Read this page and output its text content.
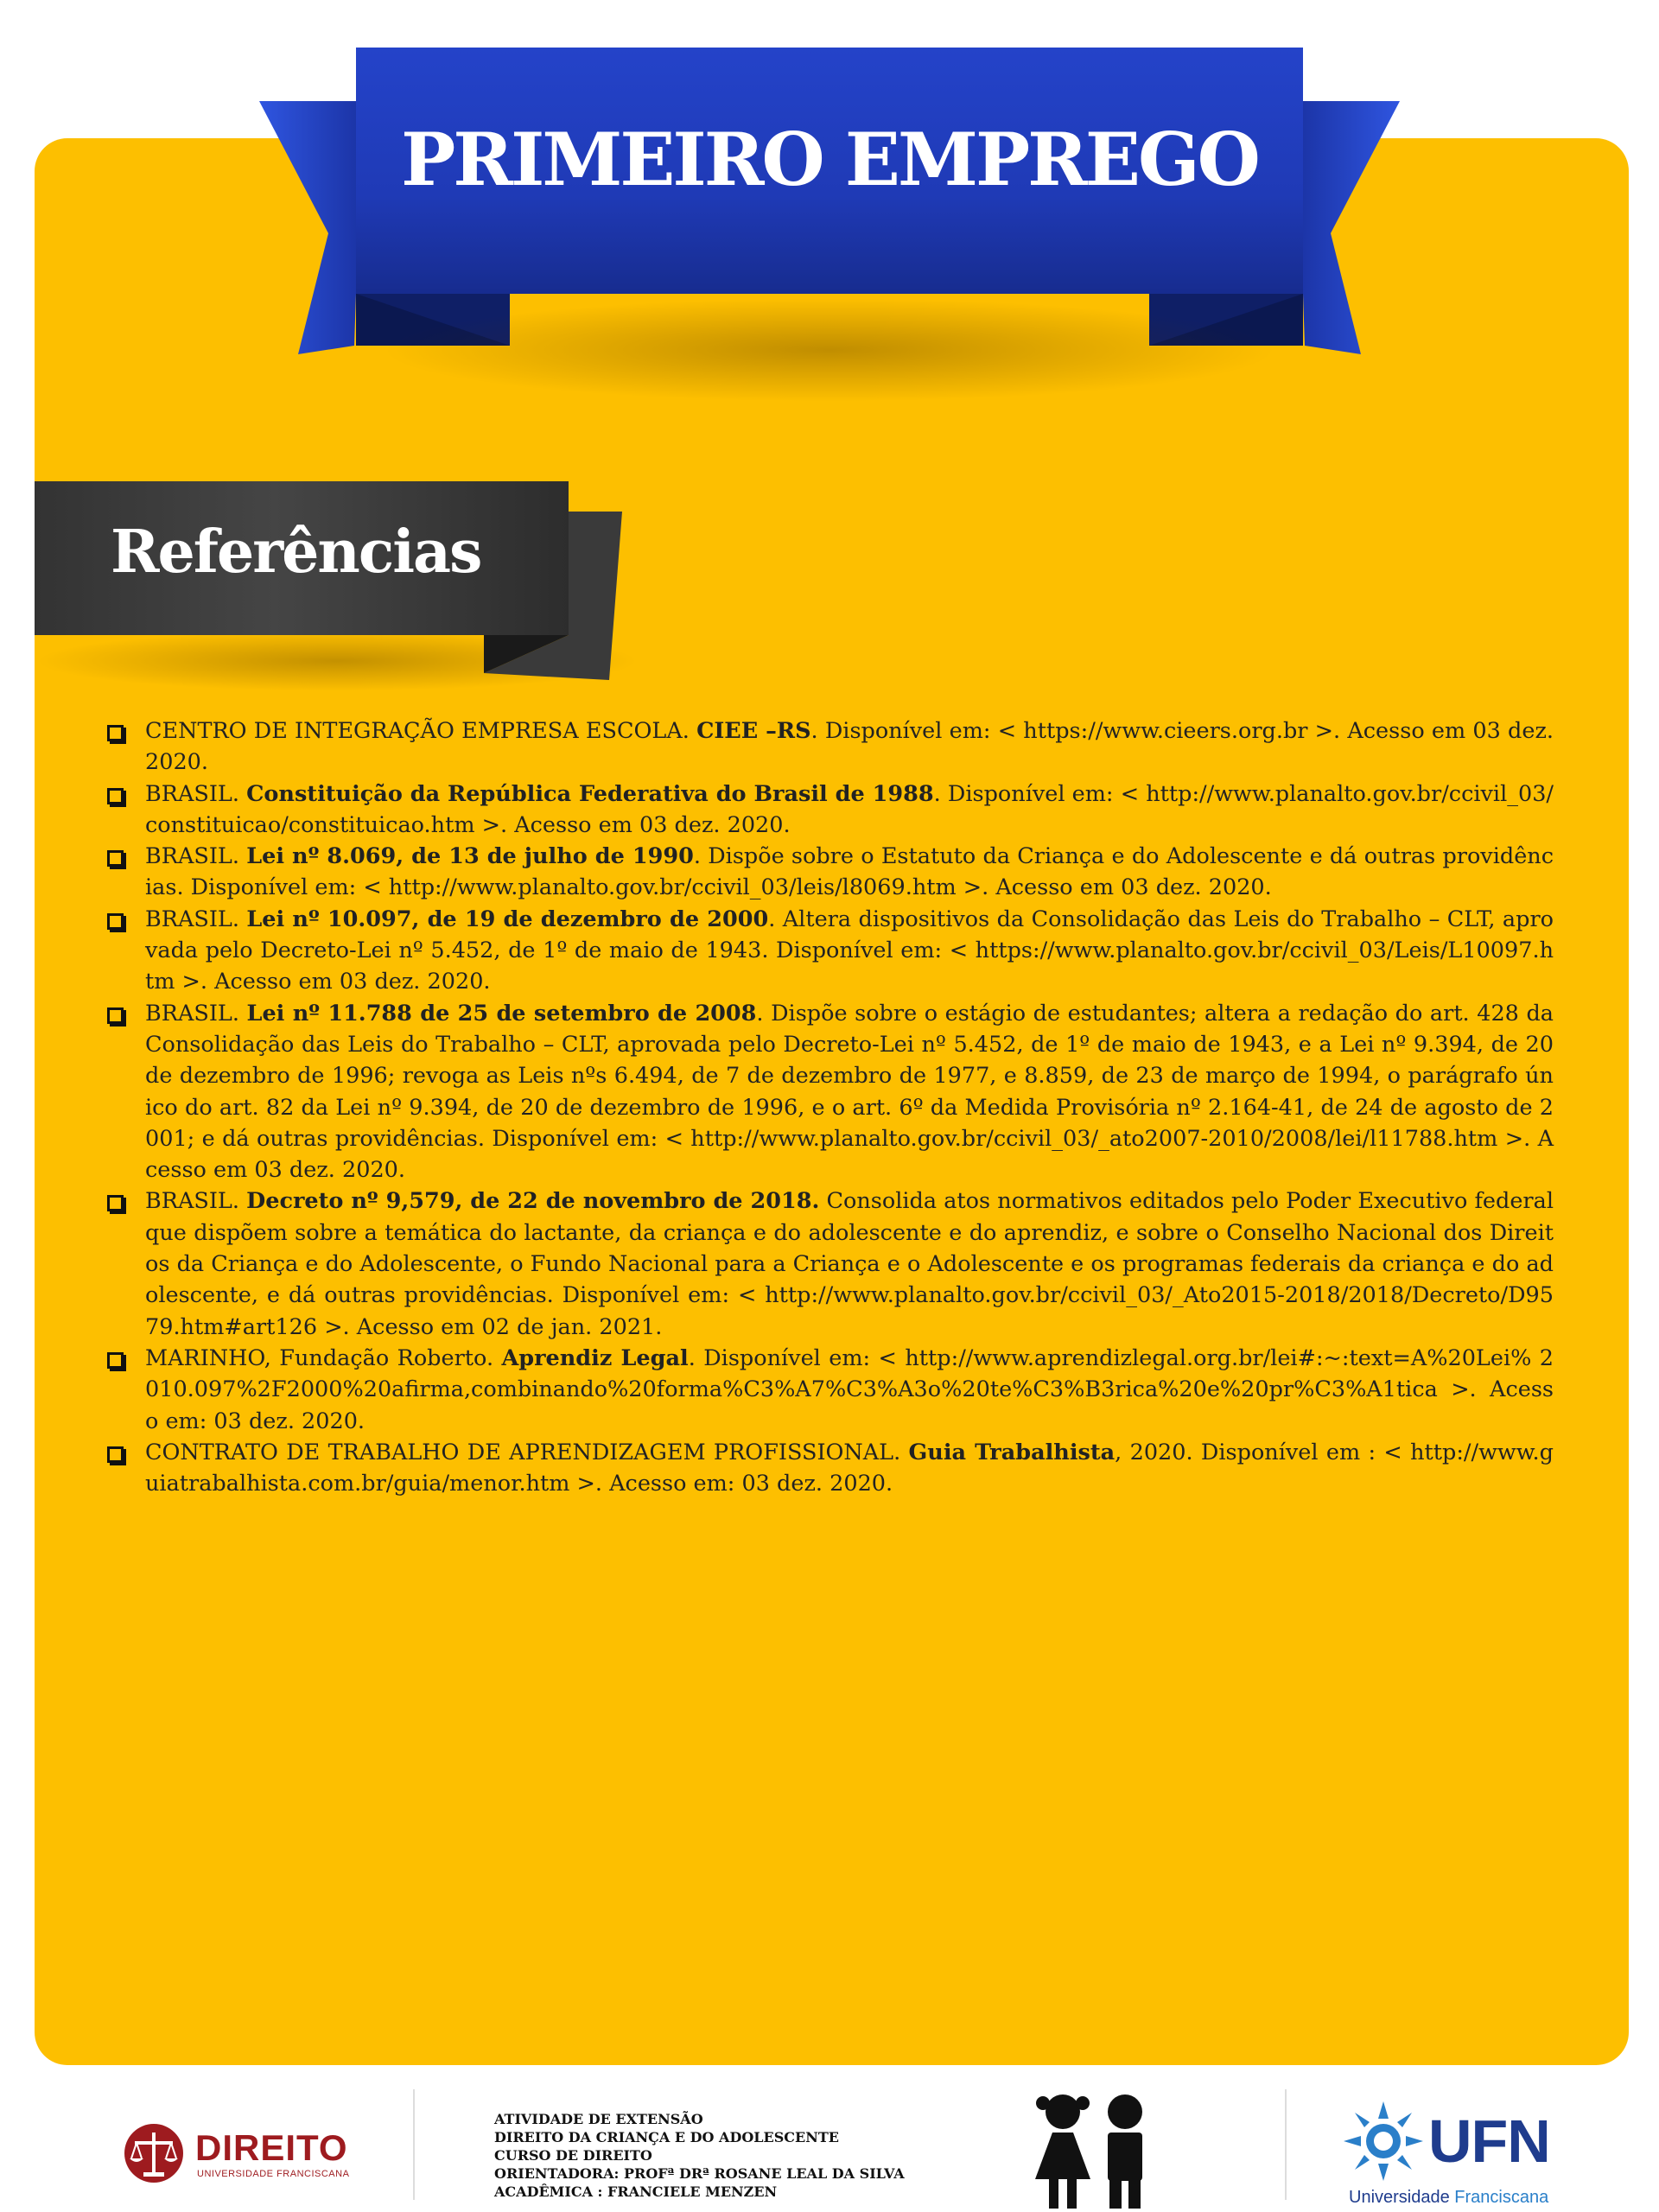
PRIMEIRO EMPREGO
Referências
CENTRO DE INTEGRAÇÃO EMPRESA ESCOLA. CIEE –RS. Disponível em: < https://www.cieers.org.br >. Acesso em 03 dez. 2020.
BRASIL. Constituição da República Federativa do Brasil de 1988. Disponível em: < http://www.planalto.gov.br/ccivil_03/constituicao/constituicao.htm >. Acesso em 03 dez. 2020.
BRASIL. Lei nº 8.069, de 13 de julho de 1990. Dispõe sobre o Estatuto da Criança e do Adolescente e dá outras providências. Disponível em: < http://www.planalto.gov.br/ccivil_03/leis/l8069.htm >. Acesso em 03 dez. 2020.
BRASIL. Lei nº 10.097, de 19 de dezembro de 2000. Altera dispositivos da Consolidação das Leis do Trabalho – CLT, aprovada pelo Decreto-Lei nº 5.452, de 1º de maio de 1943. Disponível em: < https://www.planalto.gov.br/ccivil_03/Leis/L10097.htm >. Acesso em 03 dez. 2020.
BRASIL. Lei nº 11.788 de 25 de setembro de 2008. Dispõe sobre o estágio de estudantes; altera a redação do art. 428 da Consolidação das Leis do Trabalho – CLT, aprovada pelo Decreto-Lei nº 5.452, de 1º de maio de 1943, e a Lei nº 9.394, de 20 de dezembro de 1996; revoga as Leis nºs 6.494, de 7 de dezembro de 1977, e 8.859, de 23 de março de 1994, o parágrafo único do art. 82 da Lei nº 9.394, de 20 de dezembro de 1996, e o art. 6º da Medida Provisória nº 2.164-41, de 24 de agosto de 2001; e dá outras providências. Disponível em: < http://www.planalto.gov.br/ccivil_03/_ato2007-2010/2008/lei/l11788.htm >. Acesso em 03 dez. 2020.
BRASIL. Decreto nº 9,579, de 22 de novembro de 2018. Consolida atos normativos editados pelo Poder Executivo federal que dispõem sobre a temática do lactante, da criança e do adolescente e do aprendiz, e sobre o Conselho Nacional dos Direitos da Criança e do Adolescente, o Fundo Nacional para a Criança e o Adolescente e os programas federais da criança e do adolescente, e dá outras providências. Disponível em: < http://www.planalto.gov.br/ccivil_03/_Ato2015-2018/2018/Decreto/D9579.htm#art126 >. Acesso em 02 de jan. 2021.
MARINHO, Fundação Roberto. Aprendiz Legal. Disponível em: < http://www.aprendizlegal.org.br/lei#:~:text=A%20Lei% 2010.097%2F2000%20afirma,combinando%20forma%C3%A7%C3%A3o%20te%C3%B3rica%20e%20pr%C3%A1tica >. Acesso em: 03 dez. 2020.
CONTRATO DE TRABALHO DE APRENDIZAGEM PROFISSIONAL. Guia Trabalhista, 2020. Disponível em : < http://www.guiatrabalhista.com.br/guia/menor.htm >. Acesso em: 03 dez. 2020.
DIREITO
UNIVERSIDADE FRANCISCANA
ATIVIDADE DE EXTENSÃO
DIREITO DA CRIANÇA E DO ADOLESCENTE
CURSO DE DIREITO
ORIENTADORA: PROFª DRª ROSANE LEAL DA SILVA
ACADÊMICA : FRANCIELE MENZEN
UFN
Universidade Franciscana
